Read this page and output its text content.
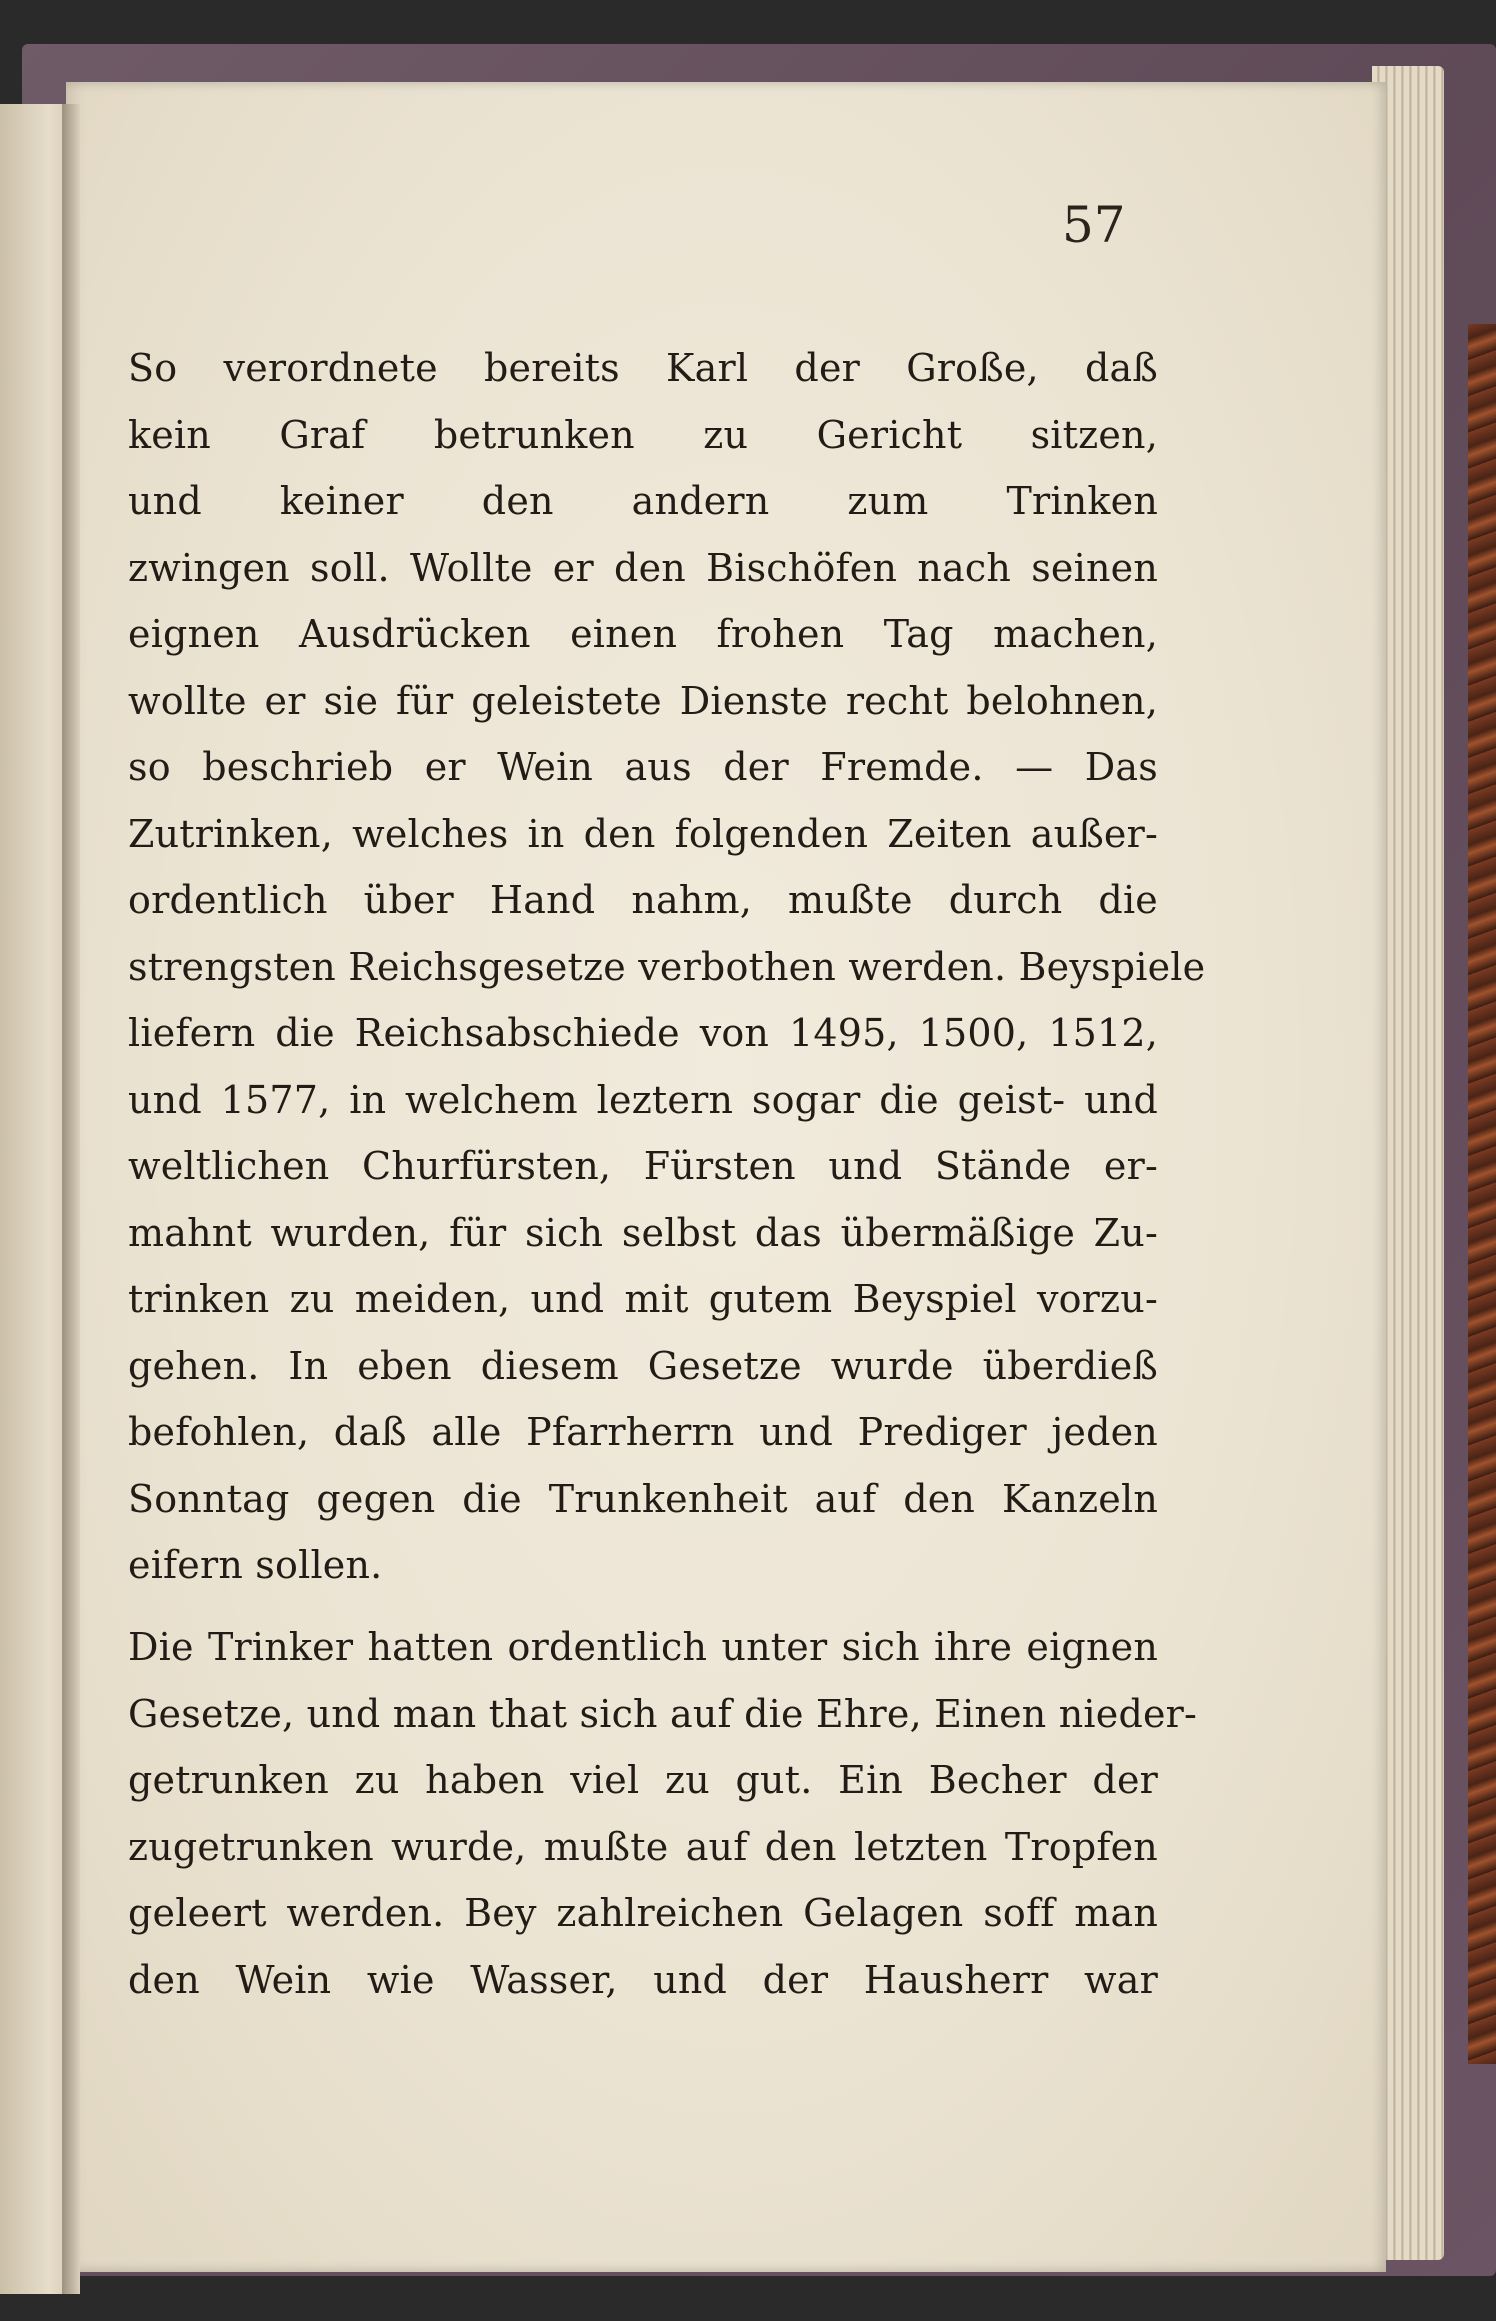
57
So verordnete bereits Karl der Große, daß
kein Graf betrunken zu Gericht sitzen,
und keiner den andern zum Trinken
zwingen soll. Wollte er den Bischöfen nach seinen
eignen Ausdrücken einen frohen Tag machen,
wollte er sie für geleistete Dienste recht belohnen,
so beschrieb er Wein aus der Fremde. — Das
Zutrinken, welches in den folgenden Zeiten außer-
ordentlich über Hand nahm, mußte durch die
strengsten Reichsgesetze verbothen werden. Beyspiele
liefern die Reichsabschiede von 1495, 1500, 1512,
und 1577, in welchem leztern sogar die geist- und
weltlichen Churfürsten, Fürsten und Stände er-
mahnt wurden, für sich selbst das übermäßige Zu-
trinken zu meiden, und mit gutem Beyspiel vorzu-
gehen. In eben diesem Gesetze wurde überdieß
befohlen, daß alle Pfarrherrn und Prediger jeden
Sonntag gegen die Trunkenheit auf den Kanzeln
eifern sollen.
Die Trinker hatten ordentlich unter sich ihre eignen
Gesetze, und man that sich auf die Ehre, Einen nieder-
getrunken zu haben viel zu gut. Ein Becher der
zugetrunken wurde, mußte auf den letzten Tropfen
geleert werden. Bey zahlreichen Gelagen soff man
den Wein wie Wasser, und der Hausherr war
